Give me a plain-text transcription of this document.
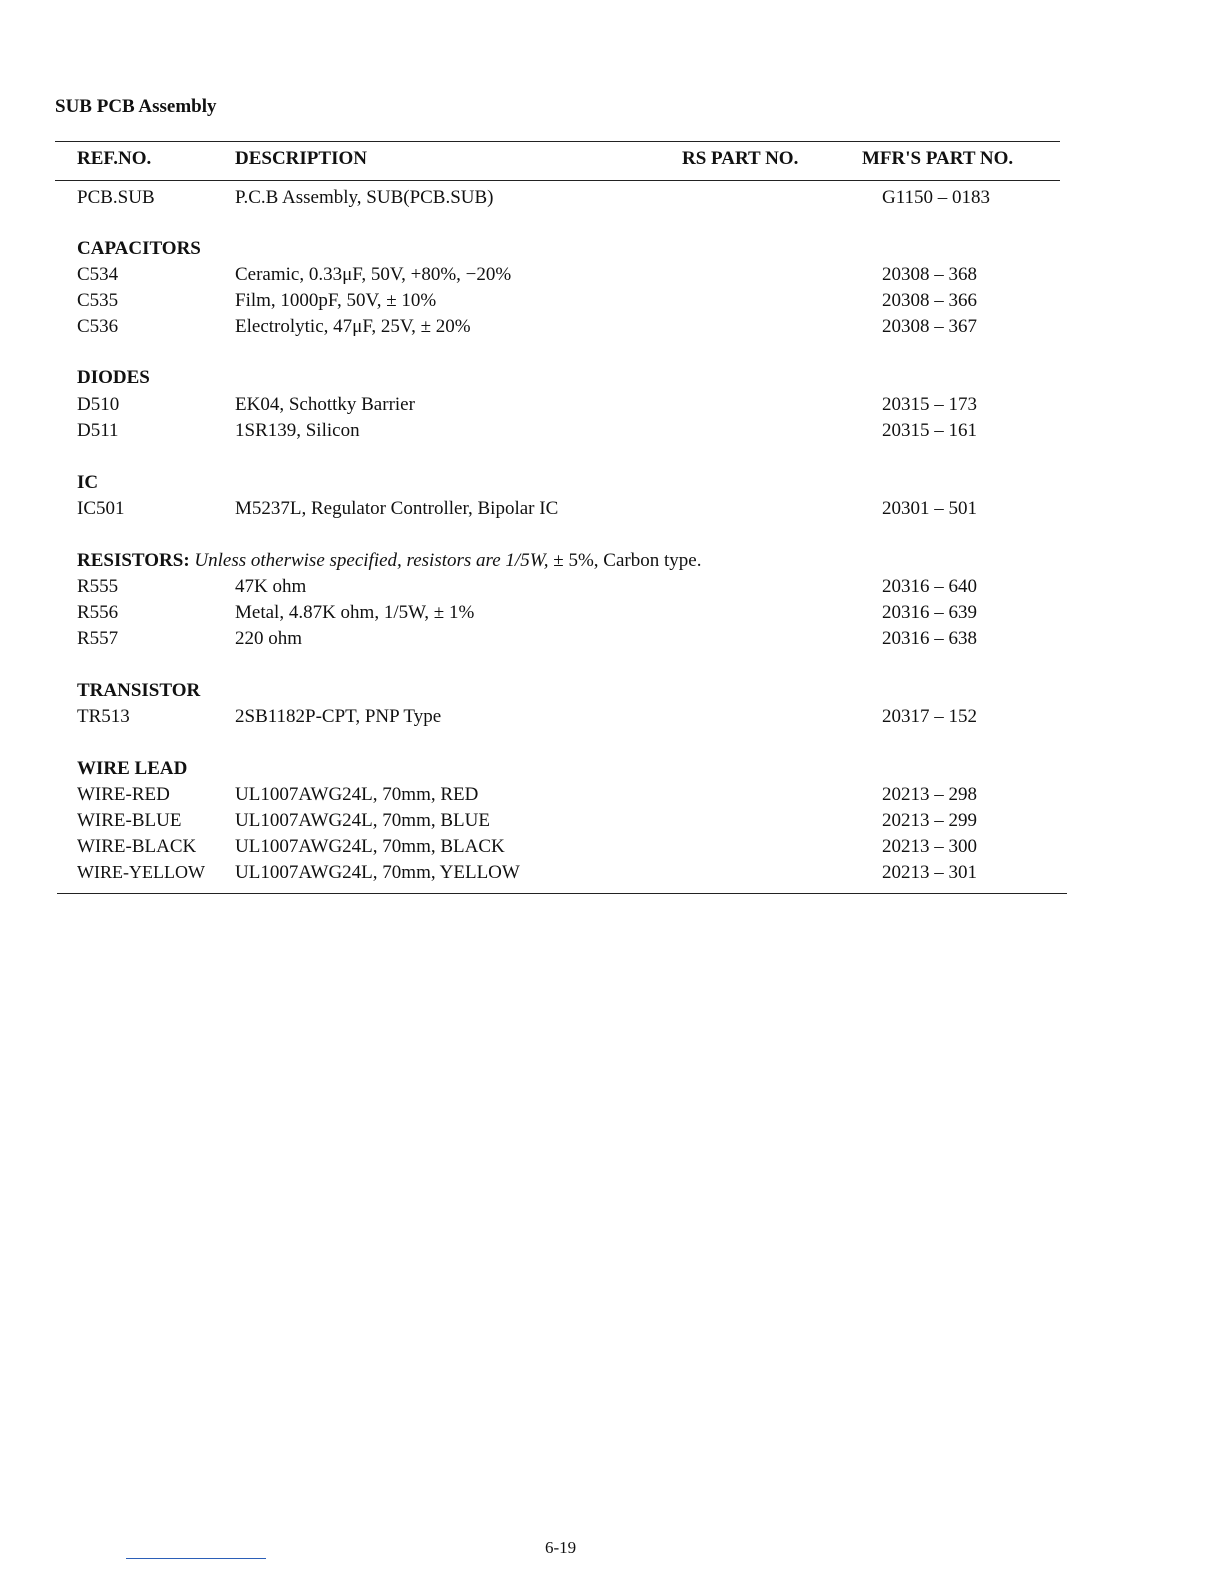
SUB PCB Assembly
REF.NO.	DESCRIPTION	RS PART NO.	MFR'S PART NO.
PCB.SUB	P.C.B Assembly, SUB(PCB.SUB)	G1150 – 0183
CAPACITORS
C534	Ceramic, 0.33μF, 50V, +80%, −20%	20308 – 368
C535	Film, 1000pF, 50V, ± 10%	20308 – 366
C536	Electrolytic, 47μF, 25V, ± 20%	20308 – 367
DIODES
D510	EK04, Schottky Barrier	20315 – 173
D511	1SR139, Silicon	20315 – 161
IC
IC501	M5237L, Regulator Controller, Bipolar IC	20301 – 501
RESISTORS: Unless otherwise specified, resistors are 1/5W, ± 5%, Carbon type.
R555	47K ohm	20316 – 640
R556	Metal, 4.87K ohm, 1/5W, ± 1%	20316 – 639
R557	220 ohm	20316 – 638
TRANSISTOR
TR513	2SB1182P-CPT, PNP Type	20317 – 152
WIRE LEAD
WIRE-RED	UL1007AWG24L, 70mm, RED	20213 – 298
WIRE-BLUE	UL1007AWG24L, 70mm, BLUE	20213 – 299
WIRE-BLACK UL1007AWG24L, 70mm, BLACK	20213 – 300
WIRE-YELLOW UL1007AWG24L, 70mm, YELLOW	20213 – 301
6-19
